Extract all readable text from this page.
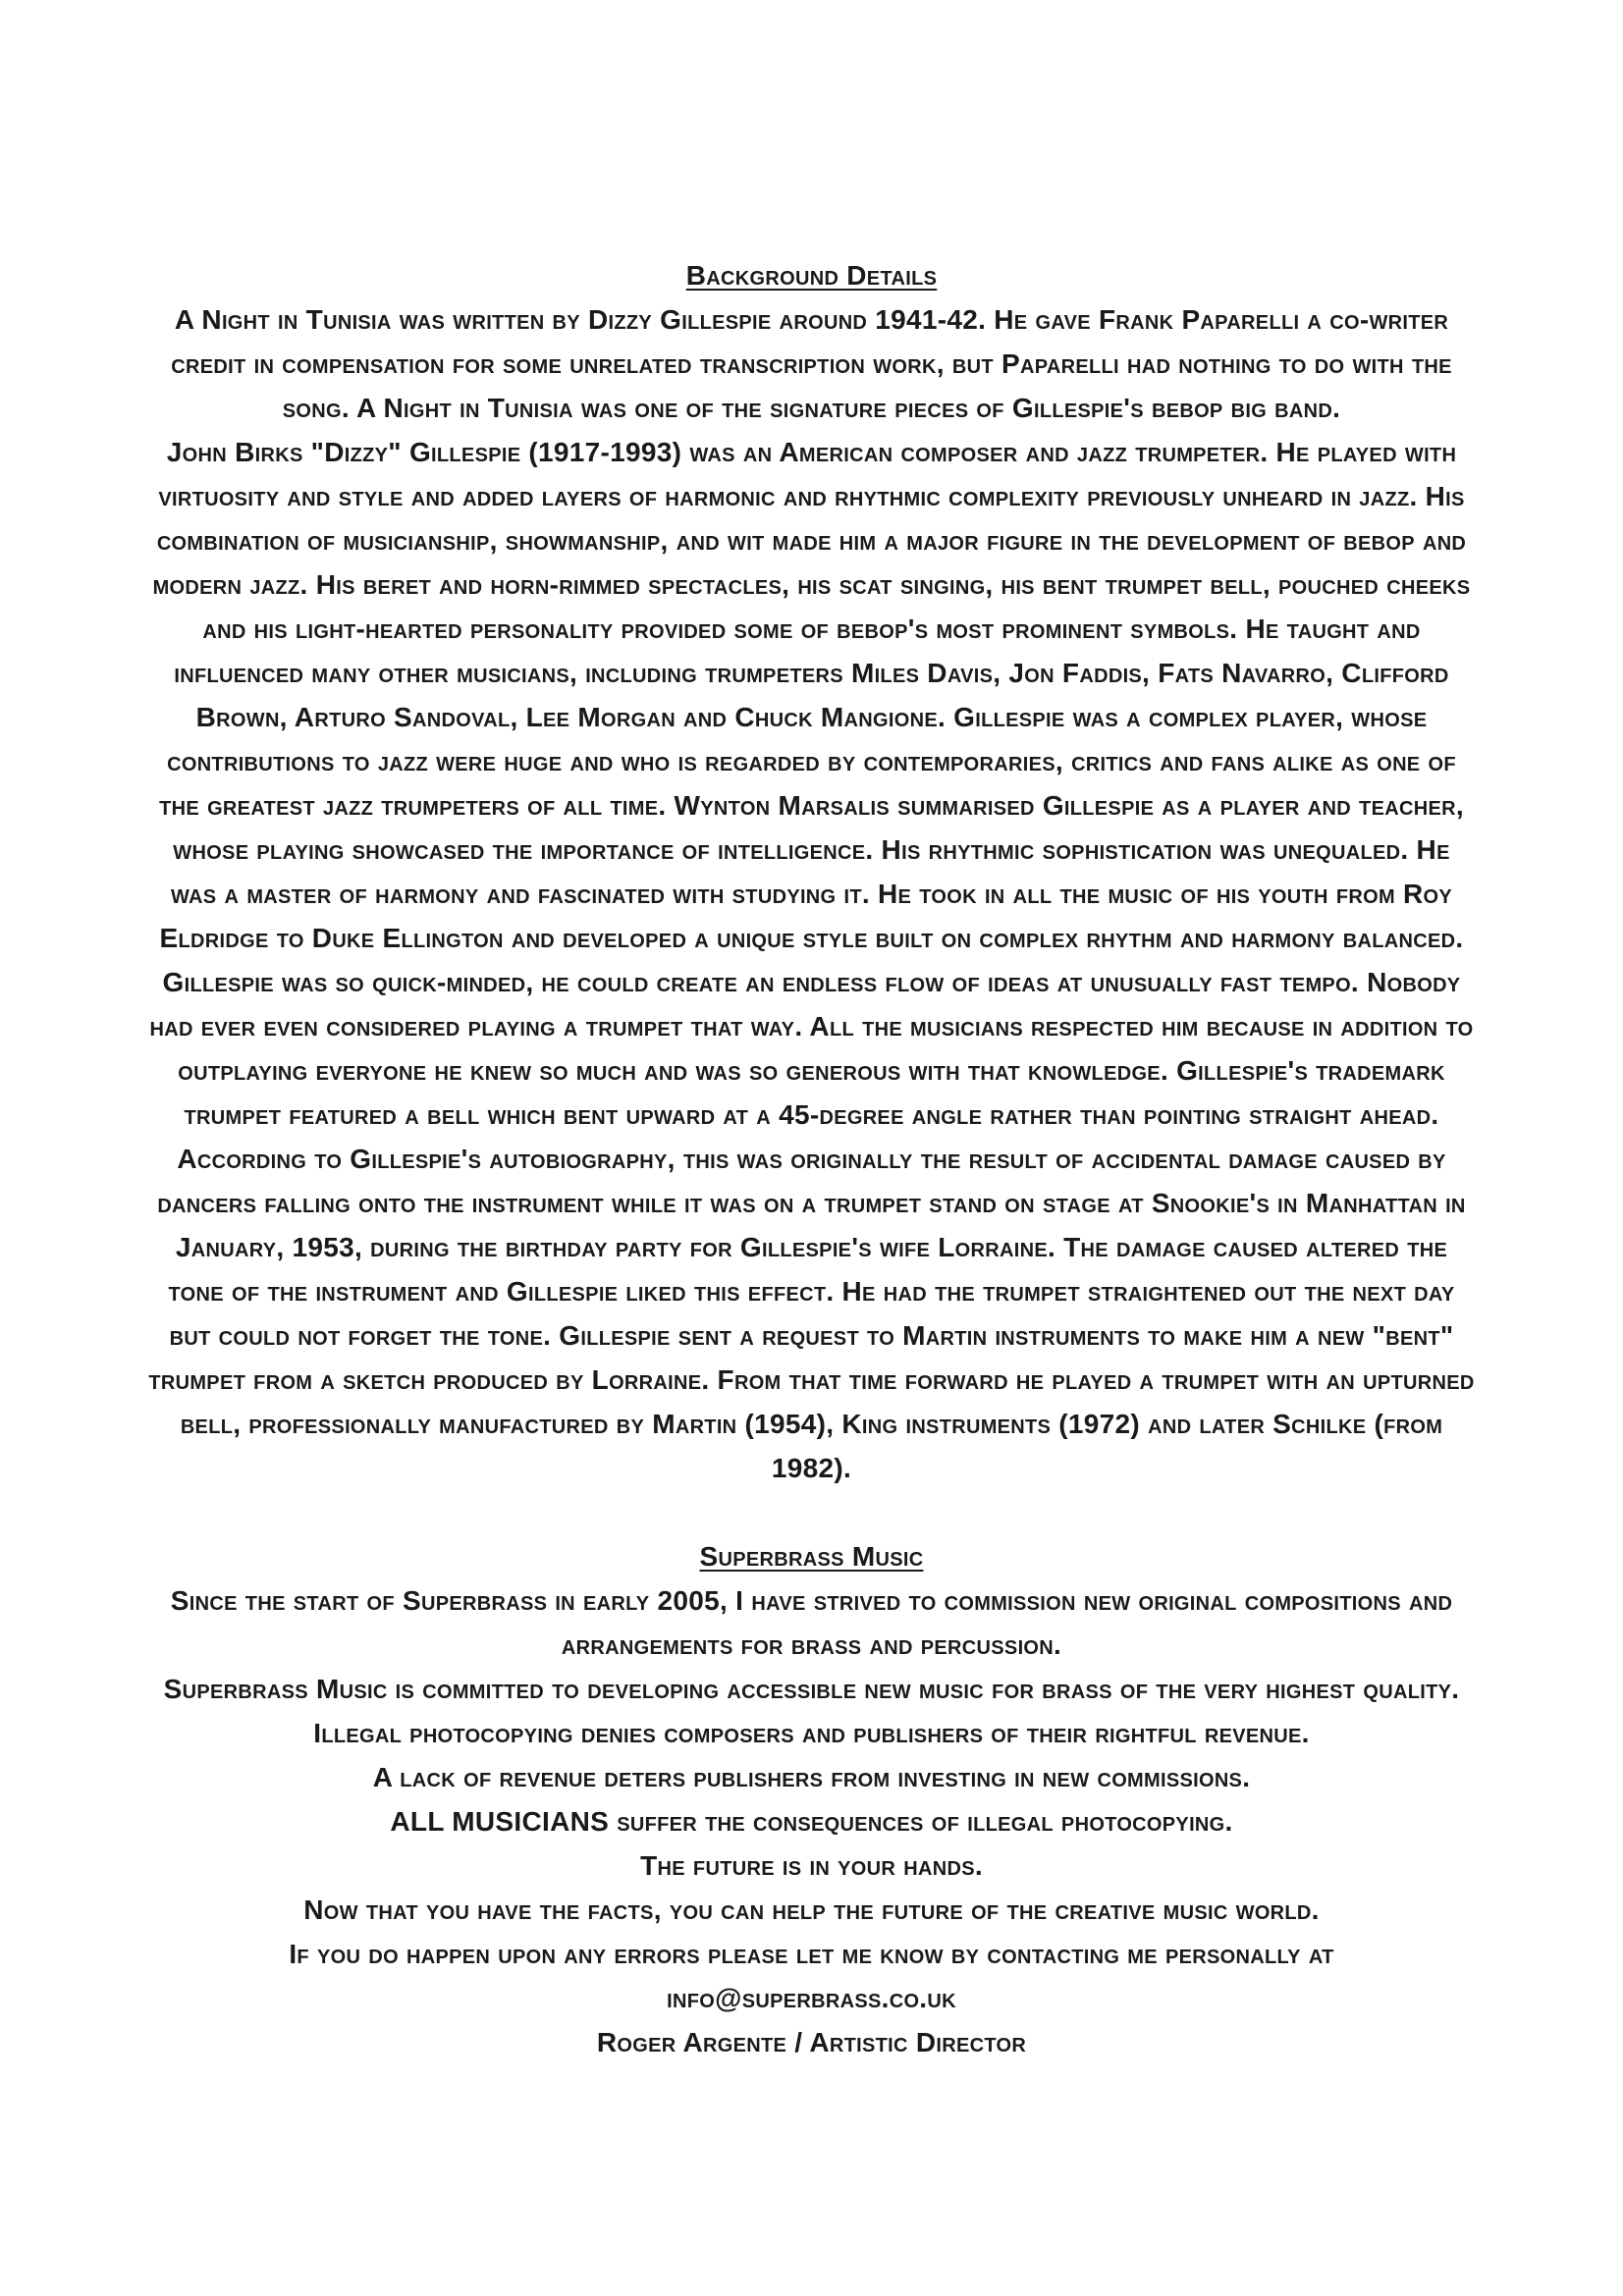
Background Details
A Night in Tunisia was written by Dizzy Gillespie around 1941-42. He gave Frank Paparelli a co-writer credit in compensation for some unrelated transcription work, but Paparelli had nothing to do with the song. A Night in Tunisia was one of the signature pieces of Gillespie's bebop big band.
John Birks "Dizzy" Gillespie (1917-1993) was an American composer and jazz trumpeter. He played with virtuosity and style and added layers of harmonic and rhythmic complexity previously unheard in jazz. His combination of musicianship, showmanship, and wit made him a major figure in the development of bebop and modern jazz. His beret and horn-rimmed spectacles, his scat singing, his bent trumpet bell, pouched cheeks and his light-hearted personality provided some of bebop's most prominent symbols. He taught and influenced many other musicians, including trumpeters Miles Davis, Jon Faddis, Fats Navarro, Clifford Brown, Arturo Sandoval, Lee Morgan and Chuck Mangione. Gillespie was a complex player, whose contributions to jazz were huge and who is regarded by contemporaries, critics and fans alike as one of the greatest jazz trumpeters of all time. Wynton Marsalis summarised Gillespie as a player and teacher, whose playing showcased the importance of intelligence. His rhythmic sophistication was unequaled. He was a master of harmony and fascinated with studying it. He took in all the music of his youth from Roy Eldridge to Duke Ellington and developed a unique style built on complex rhythm and harmony balanced. Gillespie was so quick-minded, he could create an endless flow of ideas at unusually fast tempo. Nobody had ever even considered playing a trumpet that way. All the musicians respected him because in addition to outplaying everyone he knew so much and was so generous with that knowledge. Gillespie's trademark trumpet featured a bell which bent upward at a 45-degree angle rather than pointing straight ahead. According to Gillespie's autobiography, this was originally the result of accidental damage caused by dancers falling onto the instrument while it was on a trumpet stand on stage at Snookie's in Manhattan in January, 1953, during the birthday party for Gillespie's wife Lorraine. The damage caused altered the tone of the instrument and Gillespie liked this effect. He had the trumpet straightened out the next day but could not forget the tone. Gillespie sent a request to Martin instruments to make him a new "bent" trumpet from a sketch produced by Lorraine. From that time forward he played a trumpet with an upturned bell, professionally manufactured by Martin (1954), King instruments (1972) and later Schilke (from 1982).
Superbrass Music
Since the start of Superbrass in early 2005, I have strived to commission new original compositions and arrangements for brass and percussion.
Superbrass Music is committed to developing accessible new music for brass of the very highest quality.
Illegal photocopying denies composers and publishers of their rightful revenue.
A lack of revenue deters publishers from investing in new commissions.
ALL MUSICIANS suffer the consequences of illegal photocopying.
The future is in your hands.
Now that you have the facts, you can help the future of the creative music world.
If you do happen upon any errors please let me know by contacting me personally at info@superbrass.co.uk
Roger Argente / Artistic Director
